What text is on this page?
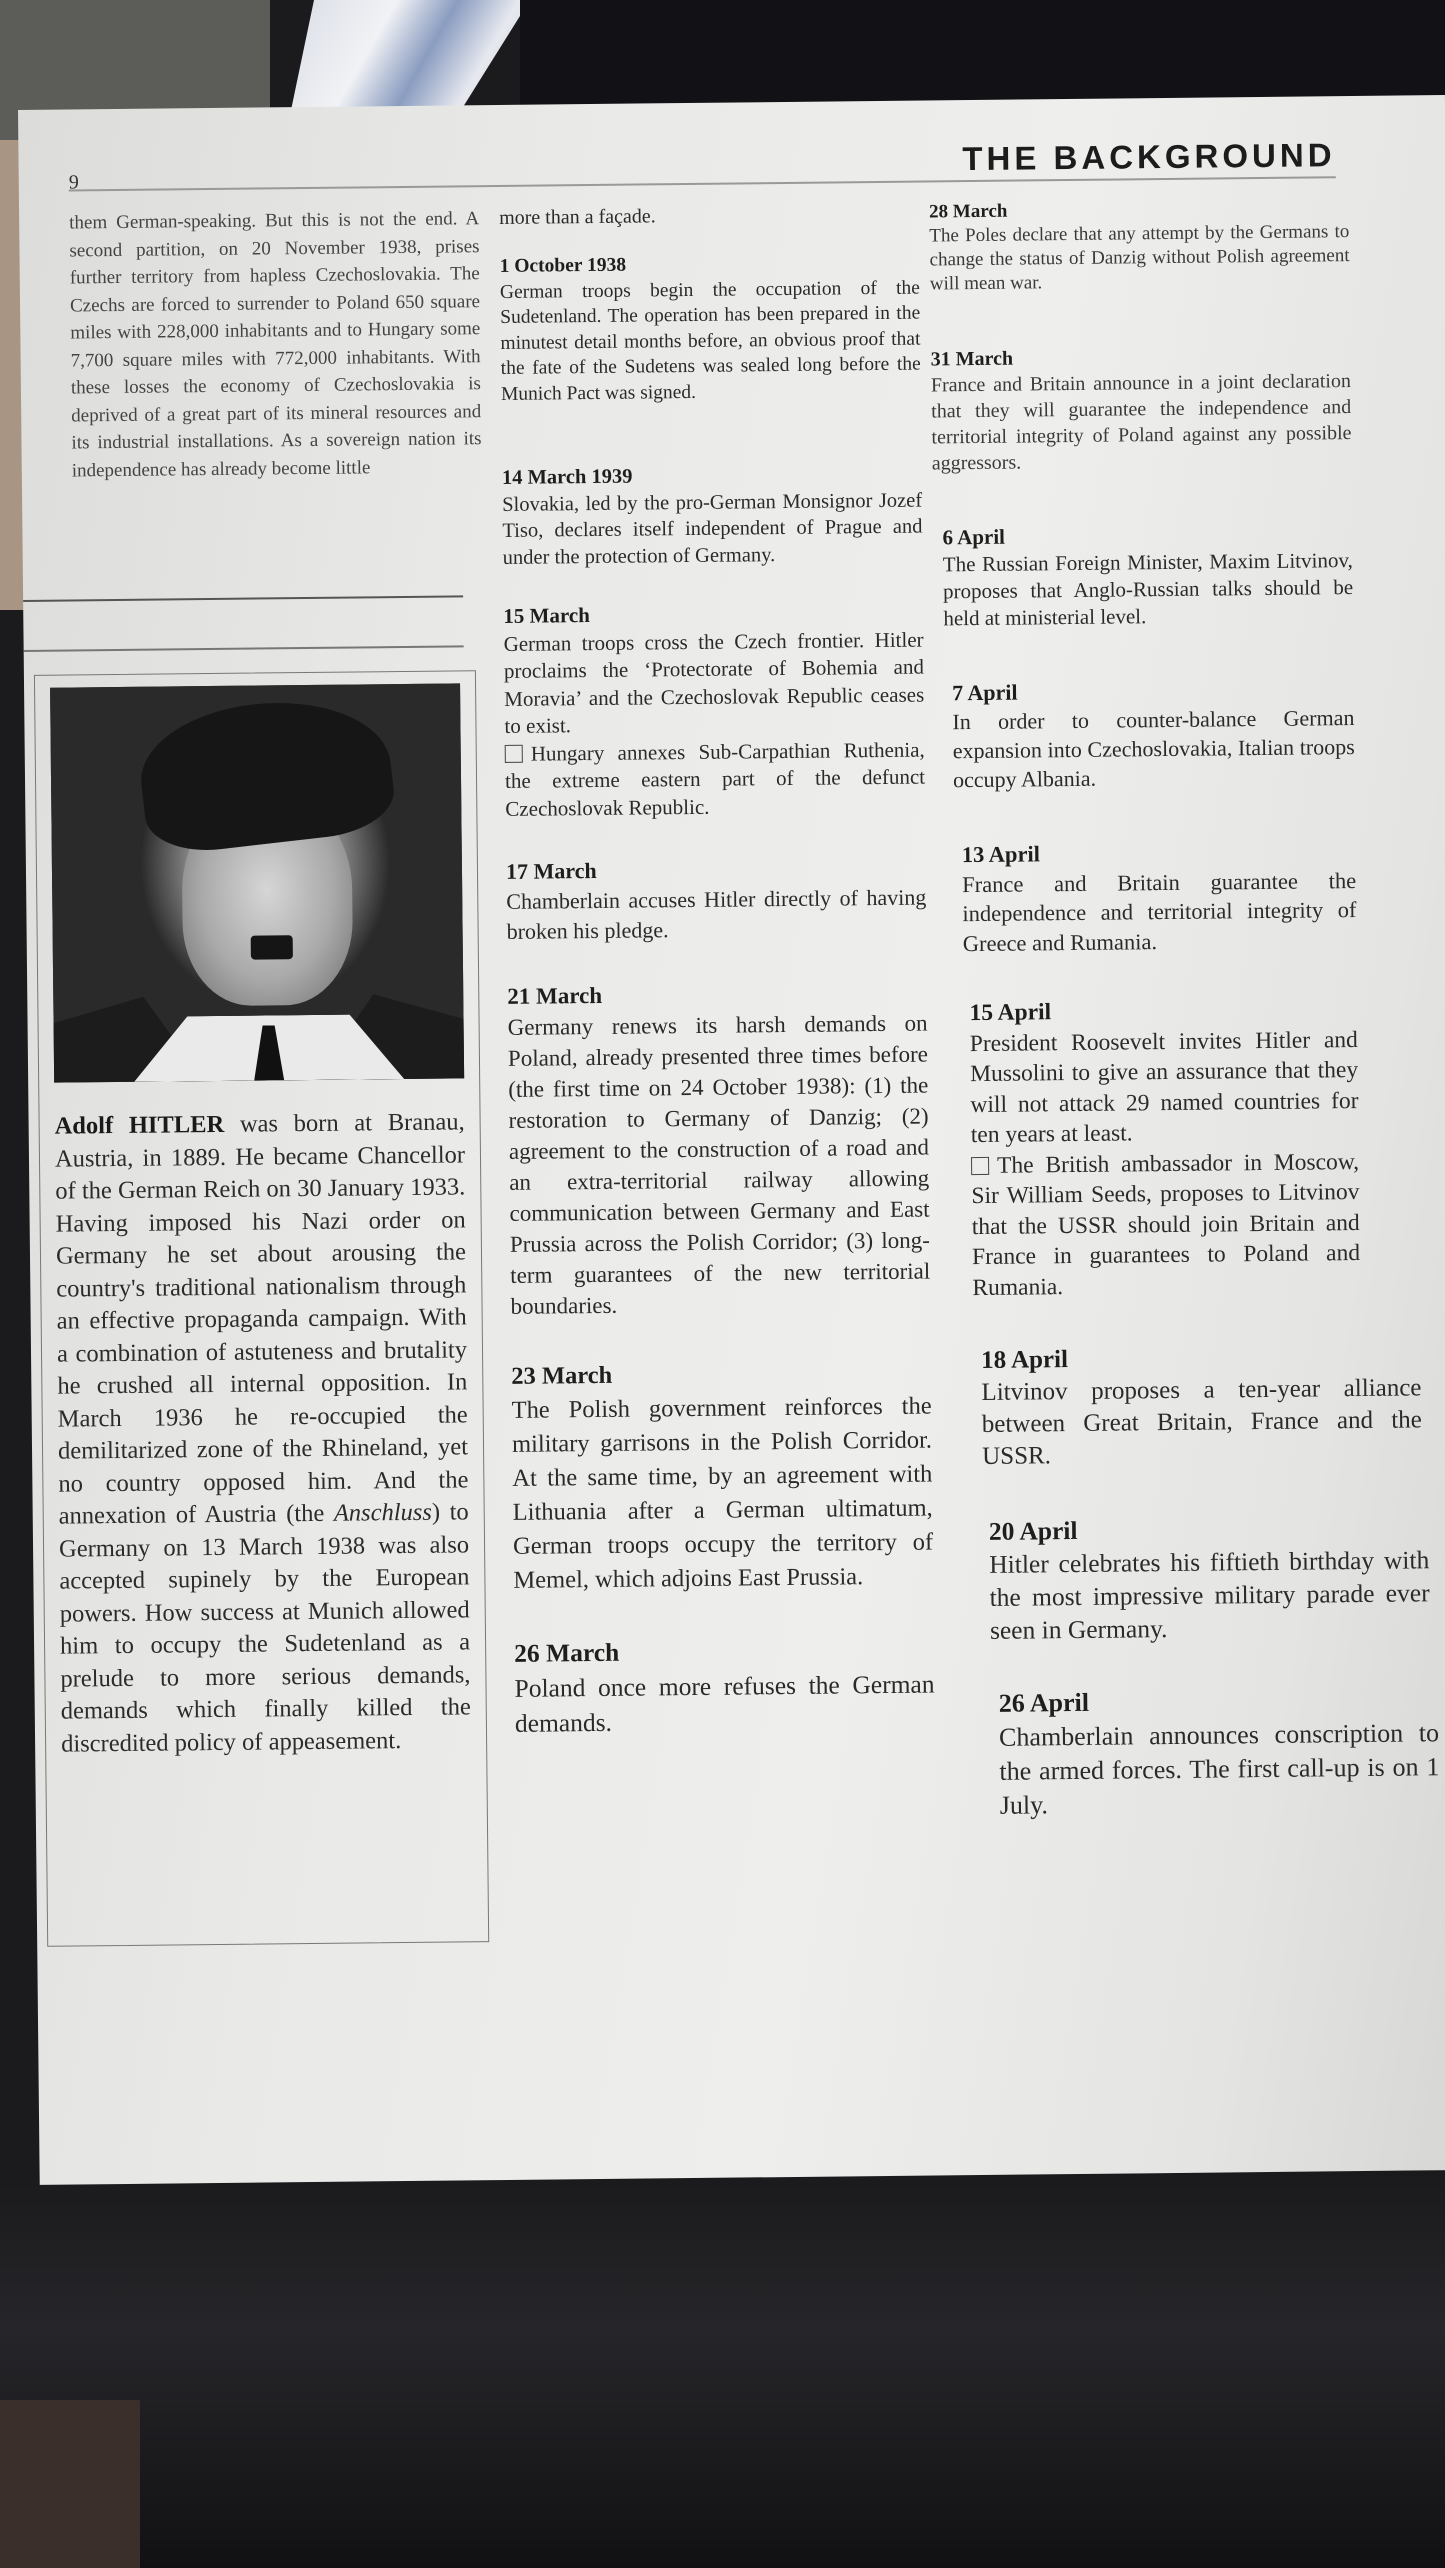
9
THE BACKGROUND

them German-speaking. But this is not the end. A second partition, on 20 November 1938, prises further territory from hapless Czechoslovakia. The Czechs are forced to surrender to Poland 650 square miles with 228,000 inhabitants and to Hungary some 7,700 square miles with 772,000 inhabitants. With these losses the economy of Czechoslovakia is deprived of a great part of its mineral resources and its industrial installations. As a sovereign nation its independence has already become little

Adolf HITLER was born at Branau, Austria, in 1889. He became Chancellor of the German Reich on 30 January 1933. Having imposed his Nazi order on Germany he set about arousing the country's traditional nationalism through an effective propaganda campaign. With a combination of astuteness and brutality he crushed all internal opposition. In March 1936 he re-occupied the demilitarized zone of the Rhineland, yet no country opposed him. And the annexation of Austria (the Anschluss) to Germany on 13 March 1938 was also accepted supinely by the European powers. How success at Munich allowed him to occupy the Sudetenland as a prelude to more serious demands, demands which finally killed the discredited policy of appeasement.

more than a façade.

1 October 1938

German troops begin the occupation of the Sudetenland. The operation has been prepared in the minutest detail months before, an obvious proof that the fate of the Sudetens was sealed long before the Munich Pact was signed.

14 March 1939

Slovakia, led by the pro-German Monsignor Jozef Tiso, declares itself independent of Prague and under the protection of Germany.

15 March

German troops cross the Czech frontier. Hitler proclaims the ‘Protectorate of Bohemia and Moravia’ and the Czechoslovak Republic ceases to exist.

Hungary annexes Sub-Carpathian Ruthenia, the extreme eastern part of the defunct Czechoslovak Republic.

17 March

Chamberlain accuses Hitler directly of having broken his pledge.

21 March

Germany renews its harsh demands on Poland, already presented three times before (the first time on 24 October 1938): (1) the restoration to Germany of Danzig; (2) agreement to the construction of a road and an extra-territorial railway allowing communication between Germany and East Prussia across the Polish Corridor; (3) long-term guarantees of the new territorial boundaries.

23 March

The Polish government reinforces the military garrisons in the Polish Corridor. At the same time, by an agreement with Lithuania after a German ultimatum, German troops occupy the territory of Memel, which adjoins East Prussia.

26 March

Poland once more refuses the German demands.

28 March

The Poles declare that any attempt by the Germans to change the status of Danzig without Polish agreement will mean war.

31 March

France and Britain announce in a joint declaration that they will guarantee the independence and territorial integrity of Poland against any possible aggressors.

6 April

The Russian Foreign Minister, Maxim Litvinov, proposes that Anglo-Russian talks should be held at ministerial level.

7 April

In order to counter-balance German expansion into Czechoslovakia, Italian troops occupy Albania.

13 April

France and Britain guarantee the independence and territorial integrity of Greece and Rumania.

15 April

President Roosevelt invites Hitler and Mussolini to give an assurance that they will not attack 29 named countries for ten years at least.

The British ambassador in Moscow, Sir William Seeds, proposes to Litvinov that the USSR should join Britain and France in guarantees to Poland and Rumania.

18 April

Litvinov proposes a ten-year alliance between Great Britain, France and the USSR.

20 April

Hitler celebrates his fiftieth birthday with the most impressive military parade ever seen in Germany.

26 April

Chamberlain announces conscription to the armed forces. The first call-up is on 1 July.
